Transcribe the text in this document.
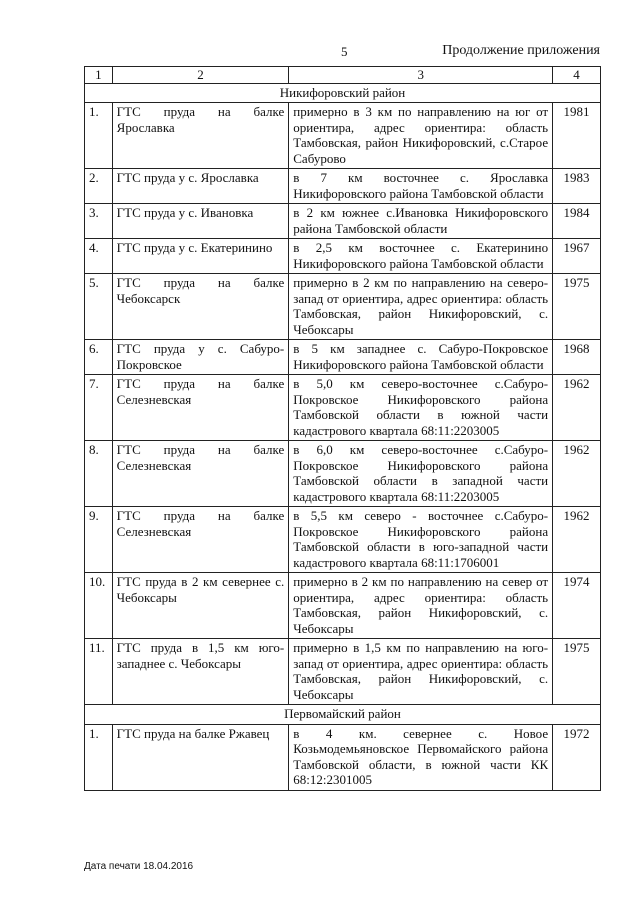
5	Продолжение приложения
1	2	3	4
Никифоровский район			
1.	ГТС пруда на балке Ярославка	примерно в 3 км по направлению на юг от ориентира, адрес ориентира: область Тамбовская, район Никифоровский, с.Старое Сабурово	1981
2.	ГТС пруда у с. Ярославка	в 7 км восточнее с. Ярославка Никифоровского района Тамбовской области	1983
3.	ГТС пруда у с. Ивановка	в 2 км южнее с.Ивановка Никифоровского района Тамбовской области	1984
4.	ГТС пруда у с. Екатеринино	в 2,5 км восточнее с. Екатеринино Никифоровского района Тамбовской области	1967
5.	ГТС пруда на балке Чебоксарск	примерно в 2 км по направлению на северо-запад от ориентира, адрес ориентира: область Тамбовская, район Никифоровский, с. Чебоксары	1975
6.	ГТС пруда у с. Сабуро-Покровское	в 5 км западнее с. Сабуро-Покровское Никифоровского района Тамбовской области	1968
7.	ГТС пруда на балке Селезневская	в 5,0 км северо-восточнее с.Сабуро-Покровское Никифоровского района Тамбовской области в южной части кадастрового квартала 68:11:2203005	1962
8.	ГТС пруда на балке Селезневская	в 6,0 км северо-восточнее с.Сабуро-Покровское Никифоровского района Тамбовской области в западной части кадастрового квартала 68:11:2203005	1962
9.	ГТС пруда на балке Селезневская	в 5,5 км северо - восточнее с.Сабуро-Покровское Никифоровского района Тамбовской области в юго-западной части кадастрового квартала 68:11:1706001	1962
10.	ГТС пруда в 2 км севернее с. Чебоксары	примерно в 2 км по направлению на север от ориентира, адрес ориентира: область Тамбовская, район Никифоровский, с. Чебоксары	1974
11.	ГТС пруда в 1,5 км юго-западнее с. Чебоксары	примерно в 1,5 км по направлению на юго-запад от ориентира, адрес ориентира: область Тамбовская, район Никифоровский, с. Чебоксары	1975
Первомайский район			
1.	ГТС пруда на балке Ржавец	в 4 км. севернее с. Новое Козьмодемьяновское Первомайского района Тамбовской области, в южной части КК 68:12:2301005	1972
Дата печати 18.04.2016
